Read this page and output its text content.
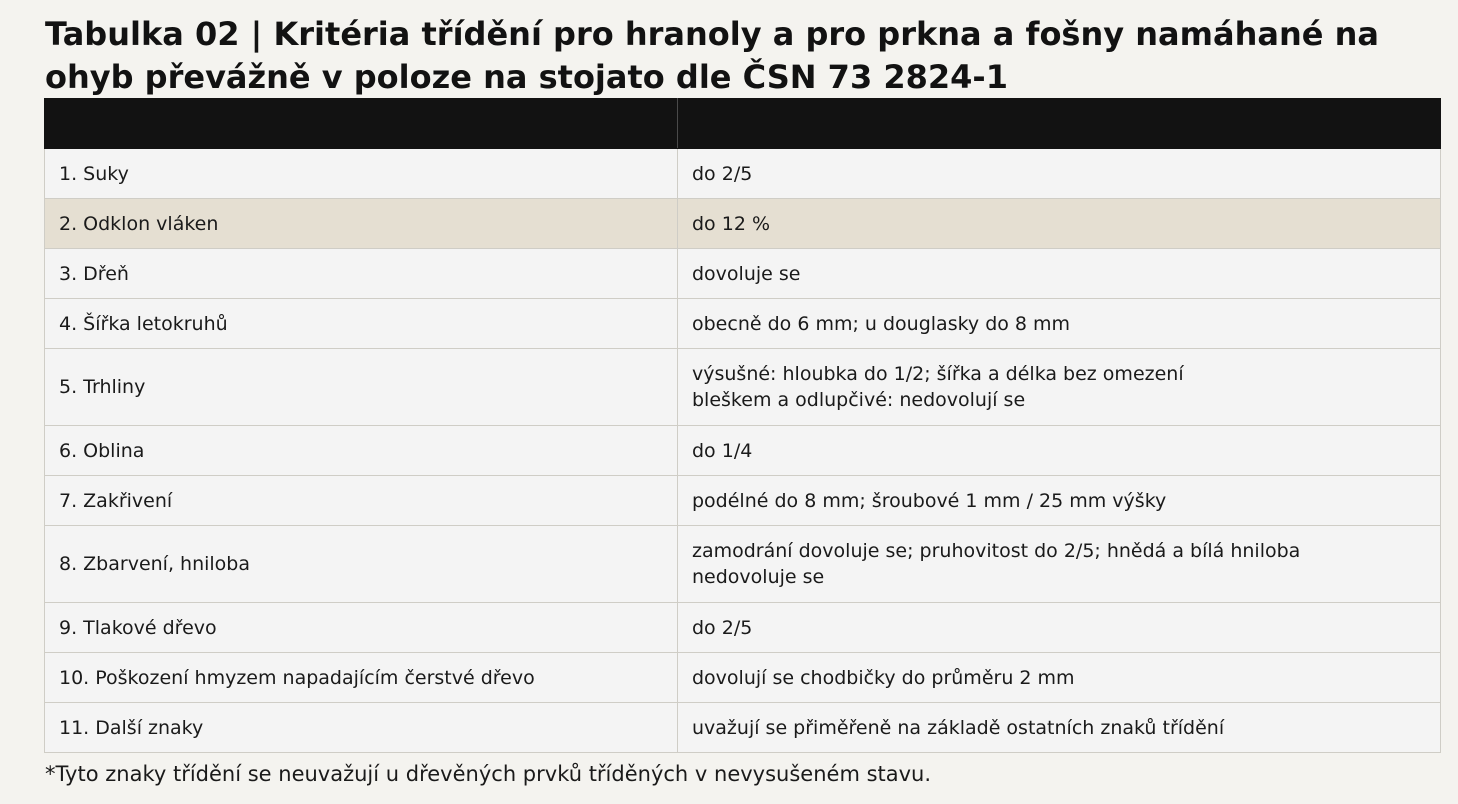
Tabulka 02 | Kritéria třídění pro hranoly a pro prkna a fošny namáhané na ohyb převážně v poloze na stojato dle ČSN 73 2824-1

1. Suky	do 2/5

2. Odklon vláken	do 12 %

3. Dřeň	dovoluje se

4. Šířka letokruhů	obecně do 6 mm; u douglasky do 8 mm

5. Trhliny	výsušné: hloubka do 1/2; šířka a délka bez omezení
bleškem a odlupčivé: nedovolují se

6. Oblina	do 1/4

7. Zakřivení	podélné do 8 mm; šroubové 1 mm / 25 mm výšky

8. Zbarvení, hniloba	zamodrání dovoluje se; pruhovitost do 2/5; hnědá a bílá hniloba
nedovoluje se

9. Tlakové dřevo	do 2/5

10. Poškození hmyzem napadajícím čerstvé dřevo	dovolují se chodbičky do průměru 2 mm

11. Další znaky	uvažují se přiměřeně na základě ostatních znaků třídění

*Tyto znaky třídění se neuvažují u dřevěných prvků tříděných v nevysušeném stavu.
